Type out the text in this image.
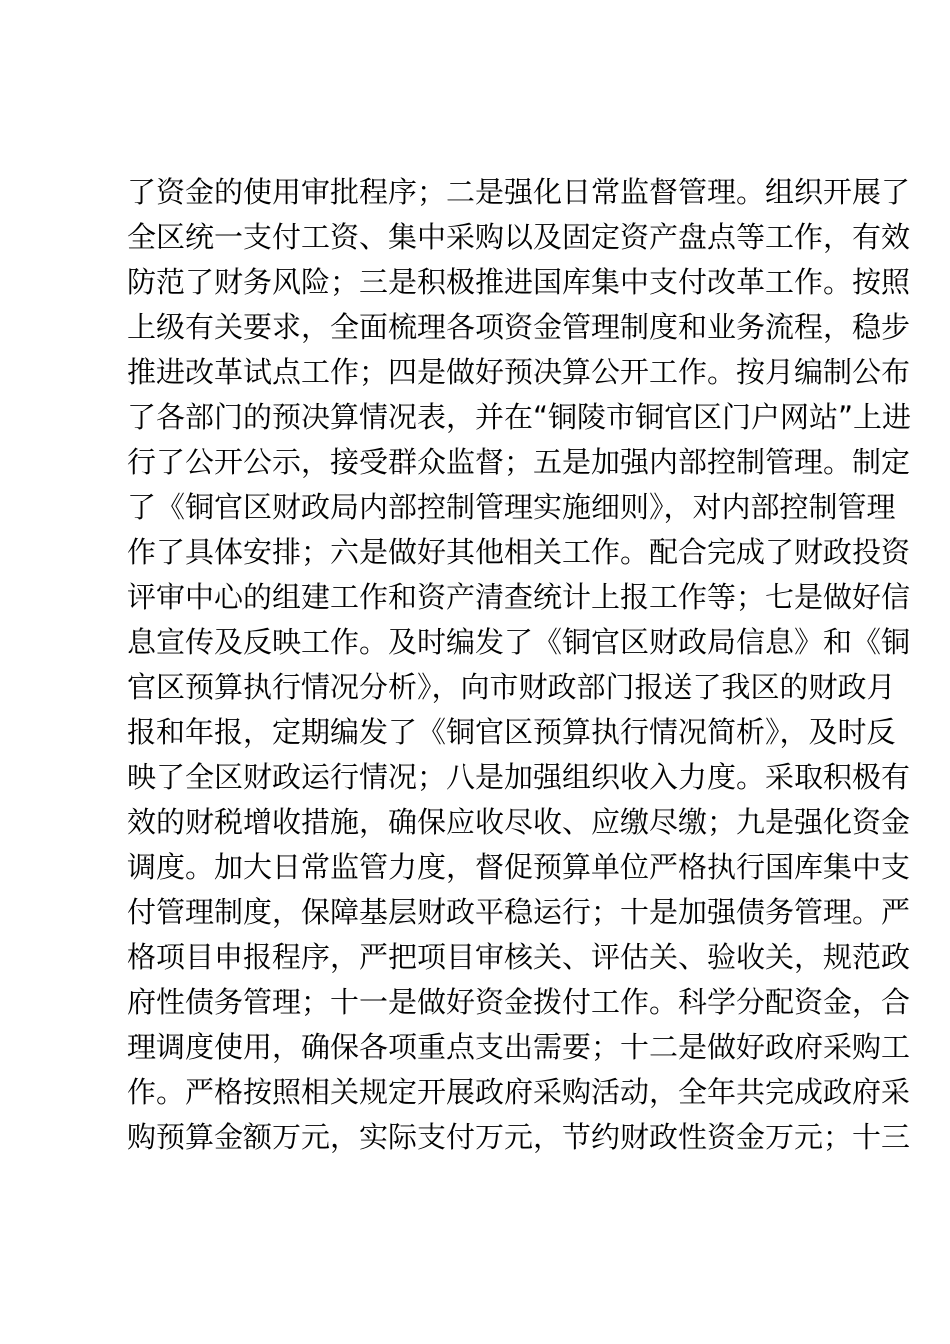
了资金的使用审批程序；二是强化日常监督管理。组织开展了
全区统一支付工资、集中采购以及固定资产盘点等工作，有效
防范了财务风险；三是积极推进国库集中支付改革工作。按照
上级有关要求，全面梳理各项资金管理制度和业务流程，稳步
推进改革试点工作；四是做好预决算公开工作。按月编制公布
了各部门的预决算情况表，并在“铜陵市铜官区门户网站”上进
行了公开公示，接受群众监督；五是加强内部控制管理。制定
了《铜官区财政局内部控制管理实施细则》，对内部控制管理
作了具体安排；六是做好其他相关工作。配合完成了财政投资
评审中心的组建工作和资产清查统计上报工作等；七是做好信
息宣传及反映工作。及时编发了《铜官区财政局信息》和《铜
官区预算执行情况分析》，向市财政部门报送了我区的财政月
报和年报，定期编发了《铜官区预算执行情况简析》，及时反
映了全区财政运行情况；八是加强组织收入力度。采取积极有
效的财税增收措施，确保应收尽收、应缴尽缴；九是强化资金
调度。加大日常监管力度，督促预算单位严格执行国库集中支
付管理制度，保障基层财政平稳运行；十是加强债务管理。严
格项目申报程序，严把项目审核关、评估关、验收关，规范政
府性债务管理；十一是做好资金拨付工作。科学分配资金，合
理调度使用，确保各项重点支出需要；十二是做好政府采购工
作。严格按照相关规定开展政府采购活动，全年共完成政府采
购预算金额万元，实际支付万元，节约财政性资金万元；十三
